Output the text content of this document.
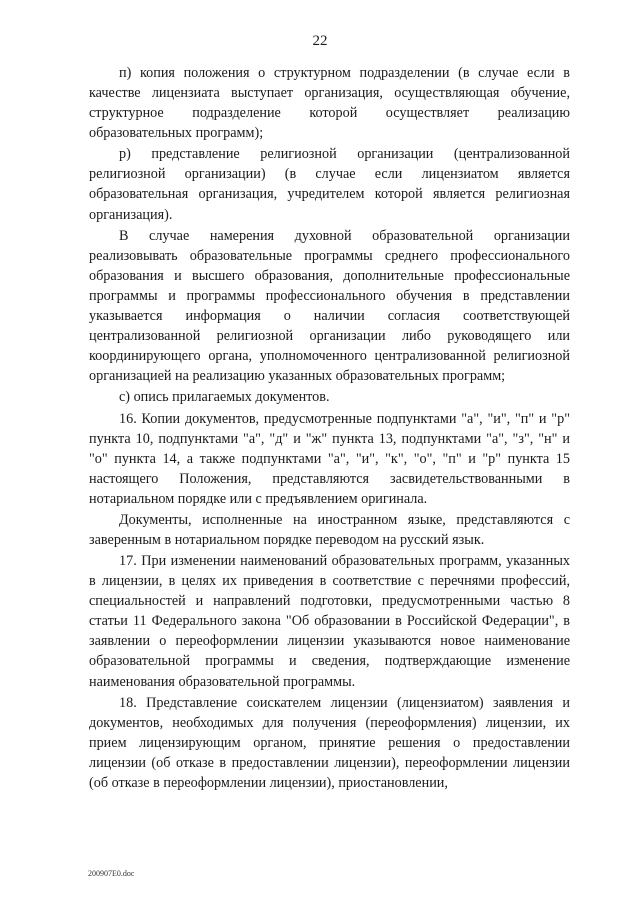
22

п) копия положения о структурном подразделении (в случае если в качестве лицензиата выступает организация, осуществляющая обучение, структурное подразделение которой осуществляет реализацию образовательных программ);

р) представление религиозной организации (централизованной религиозной организации) (в случае если лицензиатом является образовательная организация, учредителем которой является религиозная организация).

В случае намерения духовной образовательной организации реализовывать образовательные программы среднего профессионального образования и высшего образования, дополнительные профессиональные программы и программы профессионального обучения в представлении указывается информация о наличии согласия соответствующей централизованной религиозной организации либо руководящего или координирующего органа, уполномоченного централизованной религиозной организацией на реализацию указанных образовательных программ;

с) опись прилагаемых документов.

16. Копии документов, предусмотренные подпунктами "а", "и", "п" и "р" пункта 10, подпунктами "а", "д" и "ж" пункта 13, подпунктами "а", "з", "н" и "о" пункта 14, а также подпунктами "а", "и", "к", "о", "п" и "р" пункта 15 настоящего Положения, представляются засвидетельствованными в нотариальном порядке или с предъявлением оригинала.

Документы, исполненные на иностранном языке, представляются с заверенным в нотариальном порядке переводом на русский язык.

17. При изменении наименований образовательных программ, указанных в лицензии, в целях их приведения в соответствие с перечнями профессий, специальностей и направлений подготовки, предусмотренными частью 8 статьи 11 Федерального закона "Об образовании в Российской Федерации", в заявлении о переоформлении лицензии указываются новое наименование образовательной программы и сведения, подтверждающие изменение наименования образовательной программы.

18. Представление соискателем лицензии (лицензиатом) заявления и документов, необходимых для получения (переоформления) лицензии, их прием лицензирующим органом, принятие решения о предоставлении лицензии (об отказе в предоставлении лицензии), переоформлении лицензии (об отказе в переоформлении лицензии), приостановлении,

200907E0.doc
